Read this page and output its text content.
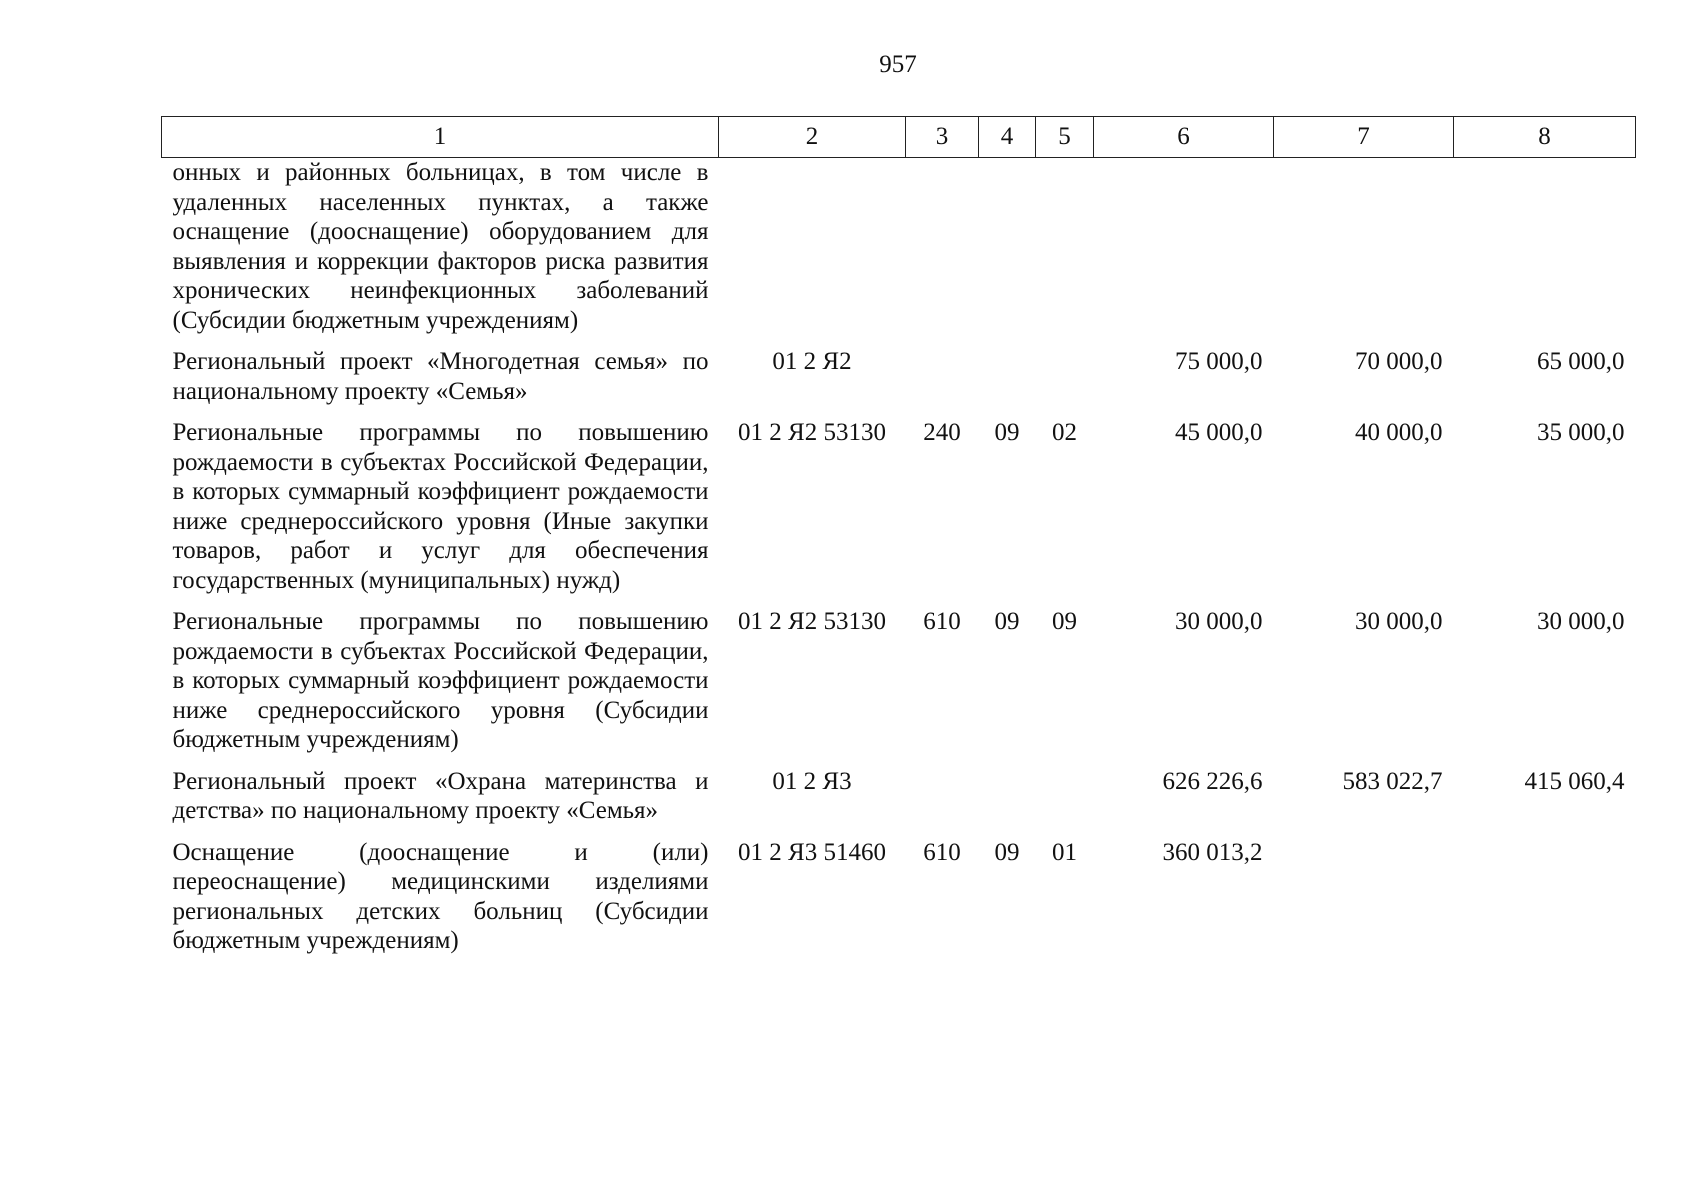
957
1	2	3	4	5	6	7	8
онных и районных больницах, в том числе в удаленных населенных пунктах, а также оснащение (дооснащение) оборудованием для выявления и коррекции факторов риска развития хронических неинфекционных заболеваний (Субсидии бюджетным учреждениям)							
Региональный проект «Многодетная семья» по национальному проекту «Семья»	01 2 Я2				75 000,0	70 000,0	65 000,0
Региональные программы по повышению рождаемости в субъектах Российской Федерации, в которых суммарный коэффициент рождаемости ниже среднероссийского уровня (Иные закупки товаров, работ и услуг для обеспечения государственных (муниципальных) нужд)	01 2 Я2 53130	240	09	02	45 000,0	40 000,0	35 000,0
Региональные программы по повышению рождаемости в субъектах Российской Федерации, в которых суммарный коэффициент рождаемости ниже среднероссийского уровня (Субсидии бюджетным учреждениям)	01 2 Я2 53130	610	09	09	30 000,0	30 000,0	30 000,0
Региональный проект «Охрана материнства и детства» по национальному проекту «Семья»	01 2 Я3				626 226,6	583 022,7	415 060,4
Оснащение (дооснащение и (или) переоснащение) медицинскими изделиями региональных детских больниц (Субсидии бюджетным учреждениям)	01 2 Я3 51460	610	09	01	360 013,2		
